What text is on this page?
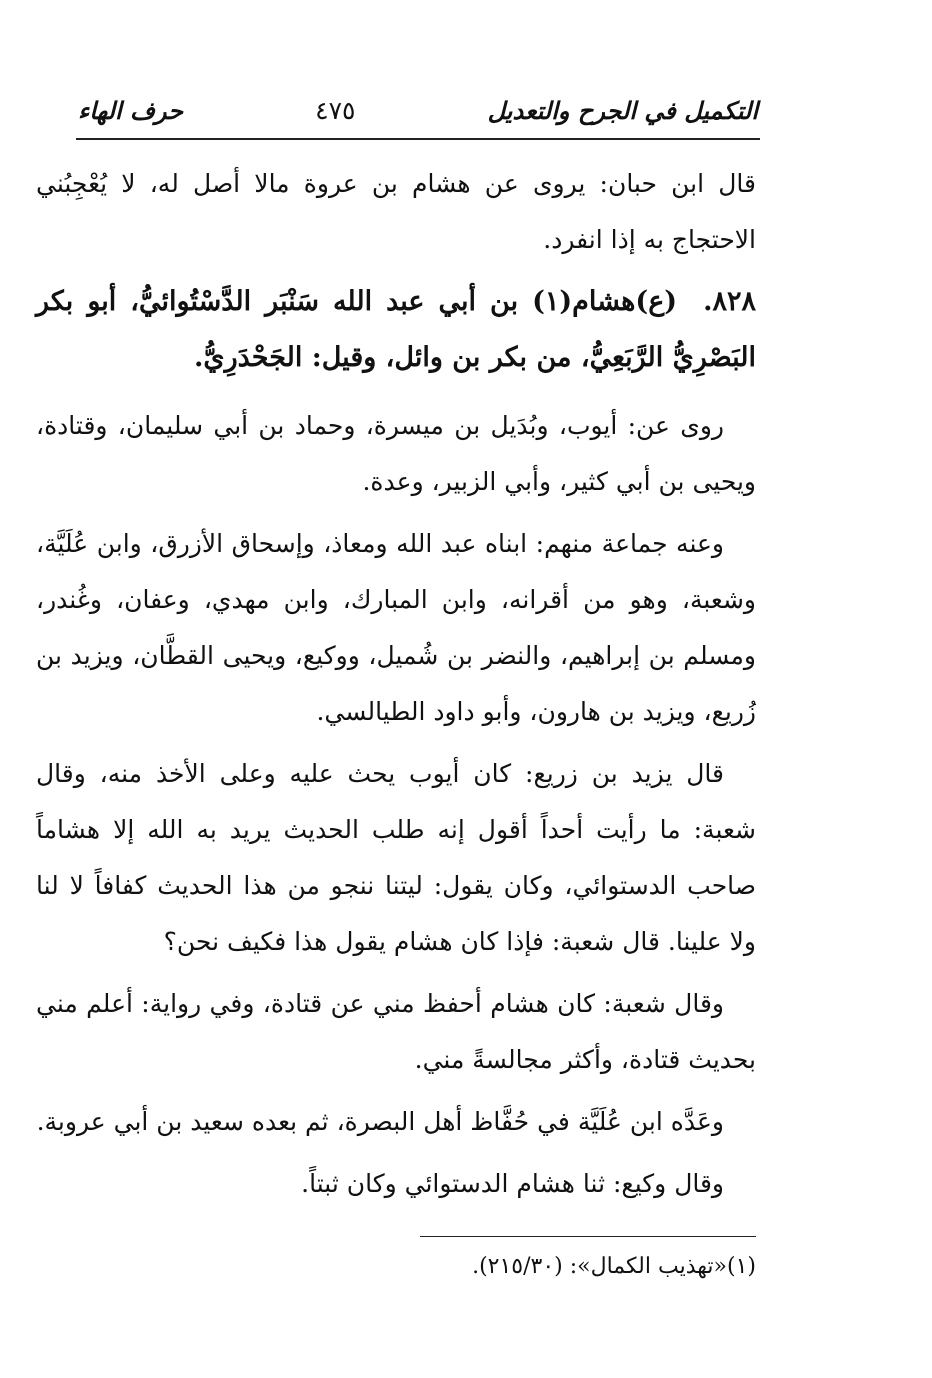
التكميل في الجرح والتعديل
٤٧٥
حرف الهاء

قال ابن حبان: يروى عن هشام بن عروة مالا أصل له، لا يُعْجِبُني الاحتجاج به إذا انفرد.

٨٢٨. (ع)هشام(١) بن أبي عبد الله سَنْبَر الدَّسْتُوائيُّ، أبو بكر البَصْرِيُّ الرَّبَعِيُّ، من بكر بن وائل، وقيل: الجَحْدَرِيُّ.

روى عن: أيوب، وبُدَيل بن ميسرة، وحماد بن أبي سليمان، وقتادة، ويحيى بن أبي كثير، وأبي الزبير، وعدة.

وعنه جماعة منهم: ابناه عبد الله ومعاذ، وإسحاق الأزرق، وابن عُلَيَّة، وشعبة، وهو من أقرانه، وابن المبارك، وابن مهدي، وعفان، وغُندر، ومسلم بن إبراهيم، والنضر بن شُميل، ووكيع، ويحيى القطَّان، ويزيد بن زُريع، ويزيد بن هارون، وأبو داود الطيالسي.

قال يزيد بن زريع: كان أيوب يحث عليه وعلى الأخذ منه، وقال شعبة: ما رأيت أحداً أقول إنه طلب الحديث يريد به الله إلا هشاماً صاحب الدستوائي، وكان يقول: ليتنا ننجو من هذا الحديث كفافاً لا لنا ولا علينا. قال شعبة: فإذا كان هشام يقول هذا فكيف نحن؟

وقال شعبة: كان هشام أحفظ مني عن قتادة، وفي رواية: أعلم مني بحديث قتادة، وأكثر مجالسةً مني.

وعَدَّه ابن عُلَيَّة في حُفَّاظ أهل البصرة، ثم بعده سعيد بن أبي عروبة.

وقال وكيع: ثنا هشام الدستوائي وكان ثبتاً.

(١)«تهذيب الكمال»: (٢١٥/٣٠).
